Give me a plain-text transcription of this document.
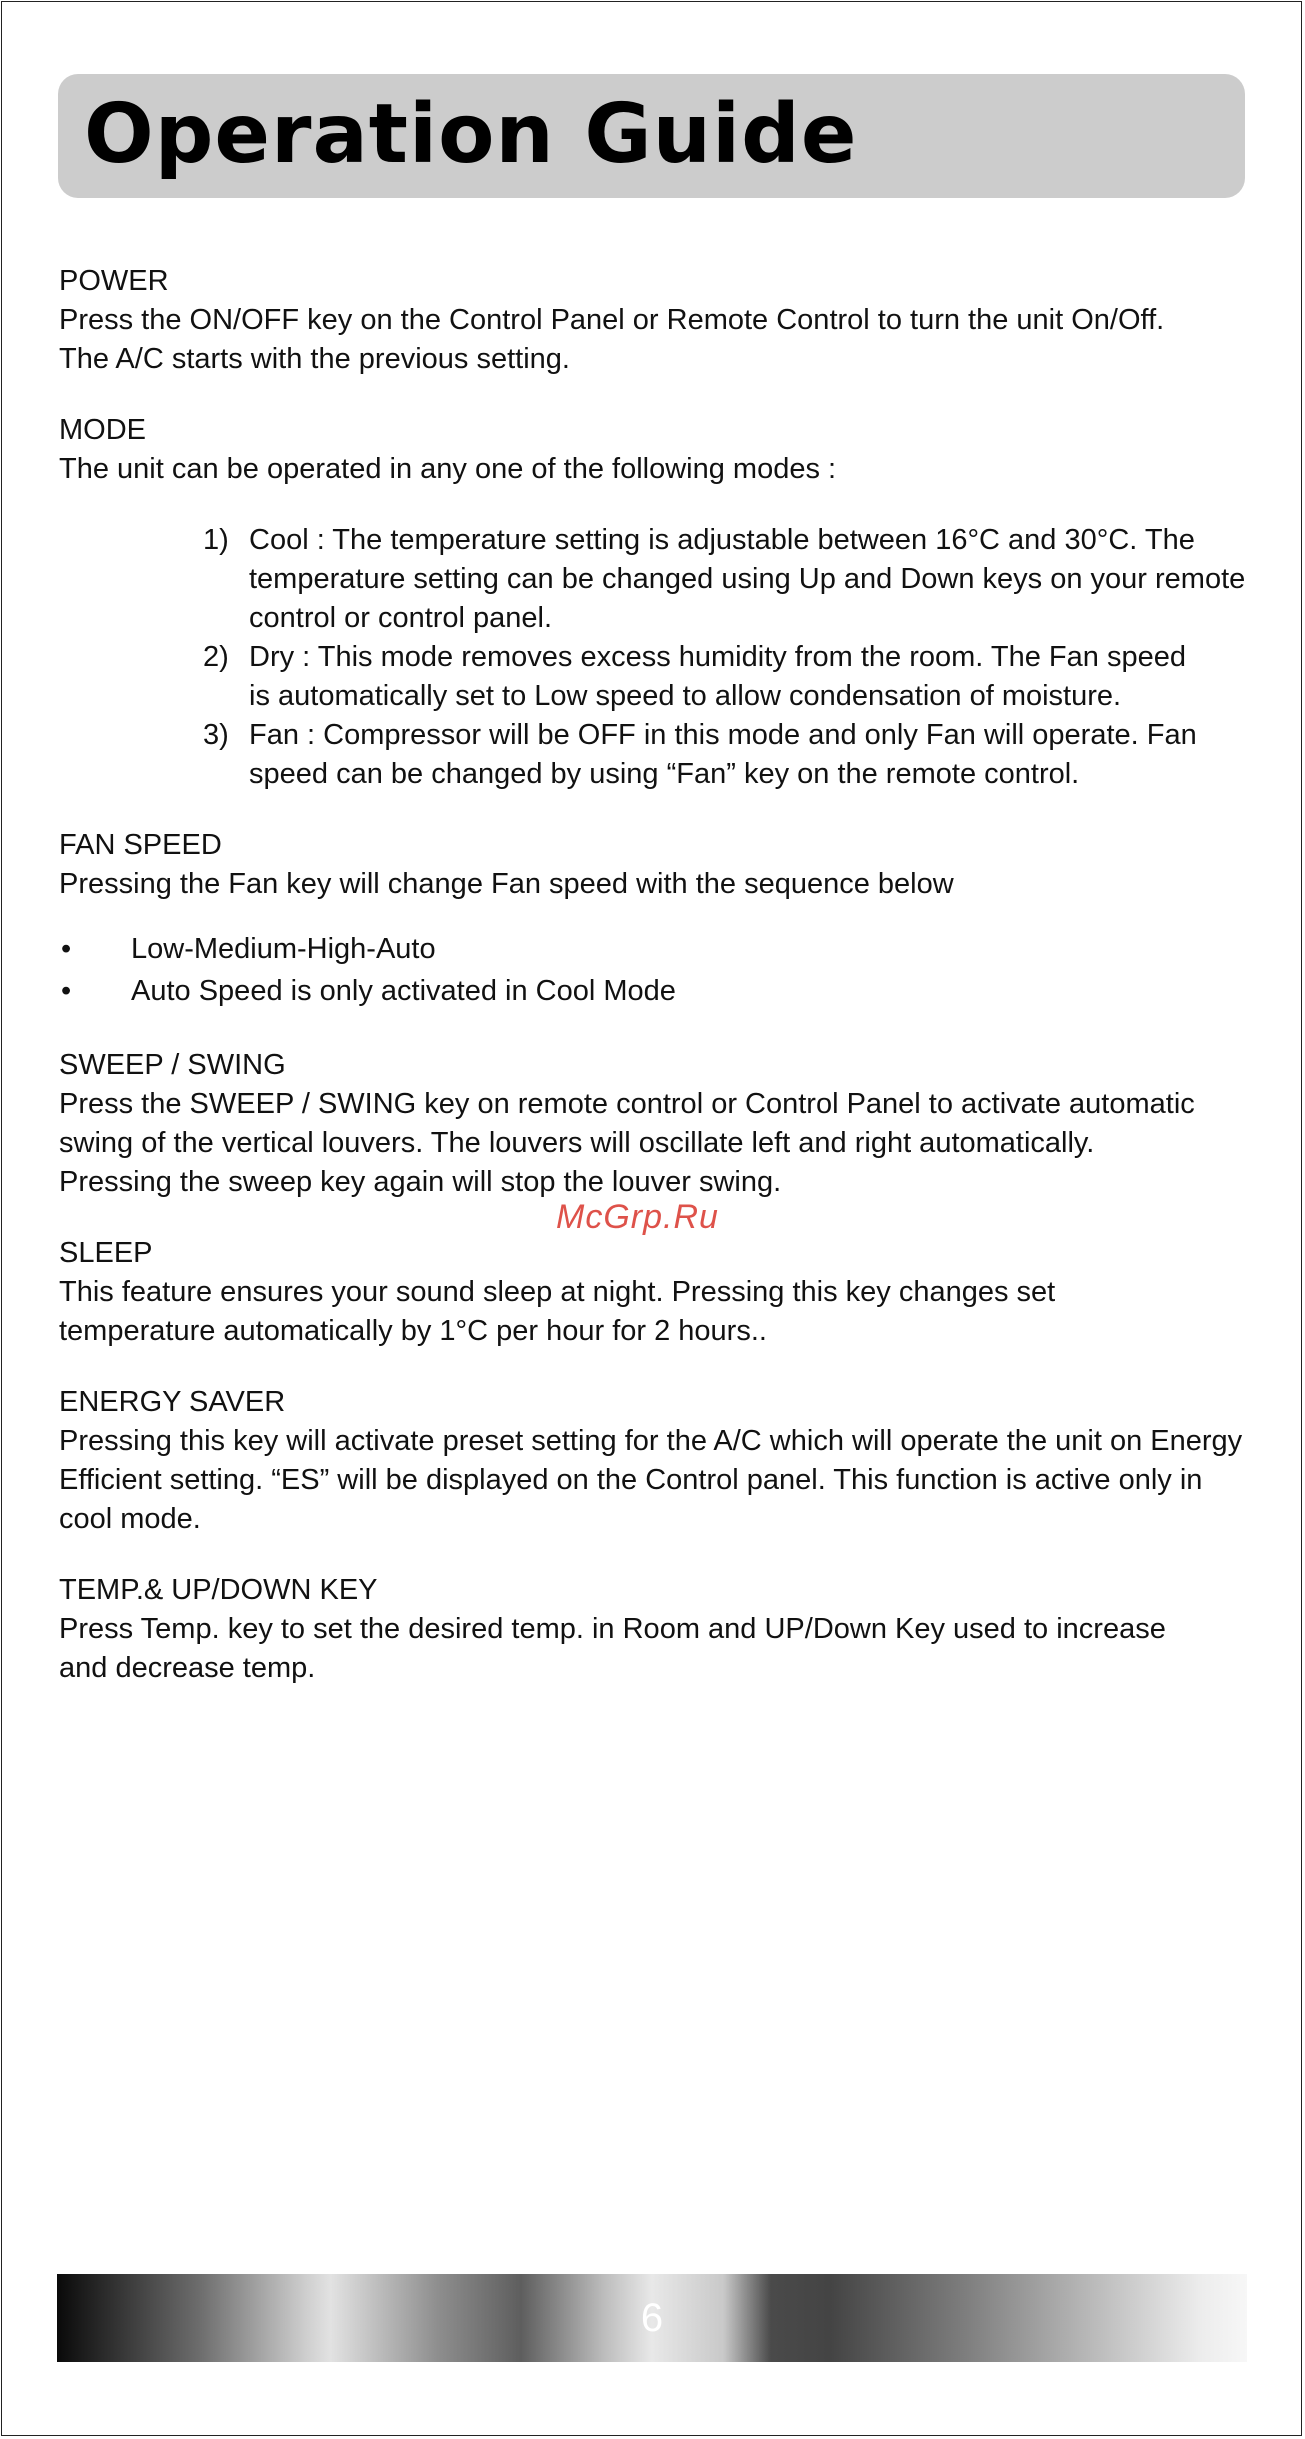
Operation Guide
POWER
Press the ON/OFF key on the Control Panel or Remote Control to turn the unit On/Off. The A/C starts with the previous setting.
MODE
The unit can be operated in any one of the following modes :
1) Cool : The temperature setting is adjustable between 16°C and 30°C. The temperature setting can be changed using Up and Down keys on your remote control or control panel.
2) Dry : This mode removes excess humidity from the room. The Fan speed is automatically set to Low speed to allow condensation of moisture.
3) Fan : Compressor will be OFF in this mode and only Fan will operate. Fan speed can be changed by using “Fan” key on the remote control.
FAN SPEED
Pressing the Fan key will change Fan speed with the sequence below
• Low-Medium-High-Auto
• Auto Speed is only activated in Cool Mode
SWEEP / SWING
Press the SWEEP / SWING key on remote control or Control Panel to activate automatic swing of the vertical louvers. The louvers will oscillate left and right automatically. Pressing the sweep key again will stop the louver swing.
SLEEP
This feature ensures your sound sleep at night. Pressing this key changes set temperature automatically by 1°C per hour for 2 hours..
ENERGY SAVER
Pressing this key will activate preset setting for the A/C which will operate the unit on Energy Efficient setting. “ES” will be displayed on the Control panel. This function is active only in cool mode.
TEMP.& UP/DOWN KEY
Press Temp. key to set the desired temp. in Room and UP/Down Key used to increase and decrease temp.
McGrp.Ru
6
